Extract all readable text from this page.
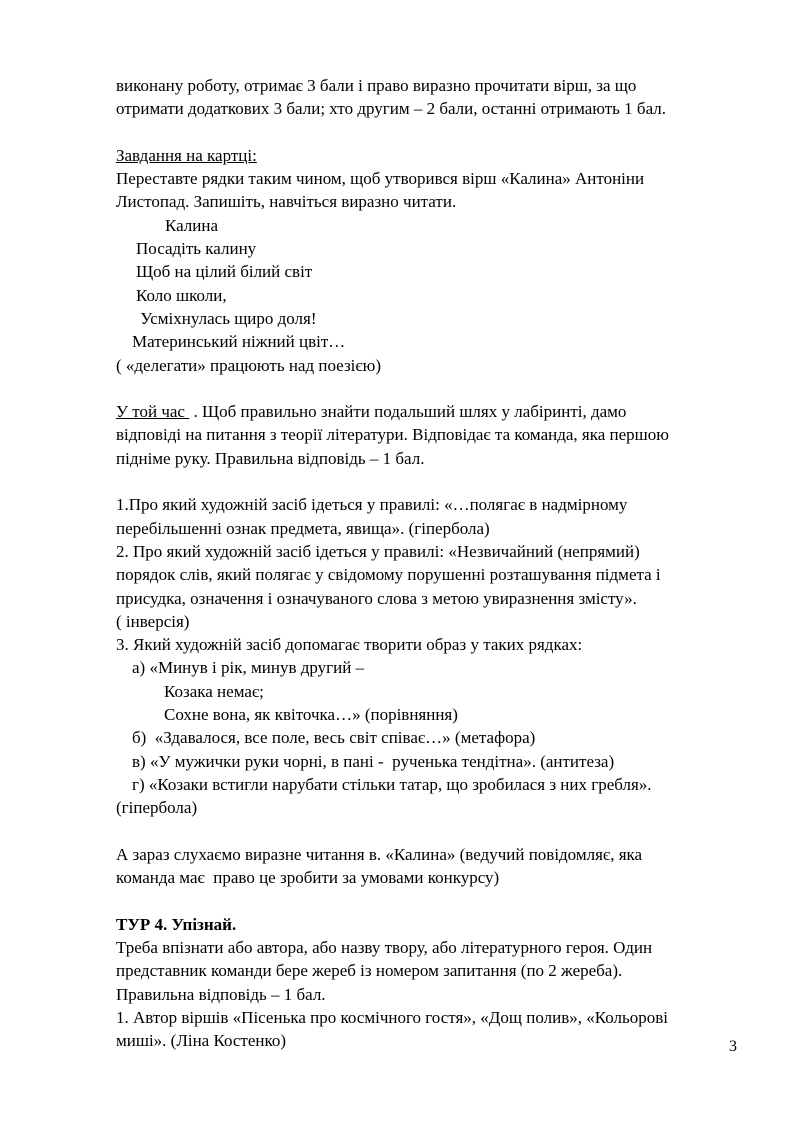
виконану роботу, отримає 3 бали і право виразно прочитати вірш, за що
отримати додаткових 3 бали; хто другим – 2 бали, останні отримають 1 бал.
Завдання на картці:
Переставте рядки таким чином, щоб утворився вірш «Калина» Антоніни
Листопад. Запишіть, навчіться виразно читати.
Калина
Посадіть калину
Щоб на цілий білий світ
Коло школи,
Усміхнулась щиро доля!
Материнський ніжний цвіт…
( «делегати» працюють над поезією)
У той час  . Щоб правильно знайти подальший шлях у лабіринті, дамо
відповіді на питання з теорії літератури. Відповідає та команда, яка першою
підніме руку. Правильна відповідь – 1 бал.
1.Про який художній засіб ідеться у правилі: «…полягає в надмірному
перебільшенні ознак предмета, явища». (гіпербола)
2. Про який художній засіб ідеться у правилі: «Незвичайний (непрямий)
порядок слів, який полягає у свідомому порушенні розташування підмета і
присудка, означення і означуваного слова з метою увиразнення змісту».
( інверсія)
3. Який художній засіб допомагає творити образ у таких рядках:
а) «Минув і рік, минув другий –
Козака немає;
Сохне вона, як квіточка…» (порівняння)
б)  «Здавалося, все поле, весь світ співає…» (метафора)
в) «У мужички руки чорні, в пані -  рученька тендітна». (антитеза)
г) «Козаки встигли нарубати стільки татар, що зробилася з них гребля».
(гіпербола)
А зараз слухаємо виразне читання в. «Калина» (ведучий повідомляє, яка
команда має  право це зробити за умовами конкурсу)
ТУР 4. Упізнай.
Треба впізнати або автора, або назву твору, або літературного героя. Один
представник команди бере жереб із номером запитання (по 2 жереба).
Правильна відповідь – 1 бал.
1. Автор віршів «Пісенька про космічного гостя», «Дощ полив», «Кольорові
миші». (Ліна Костенко)	3
